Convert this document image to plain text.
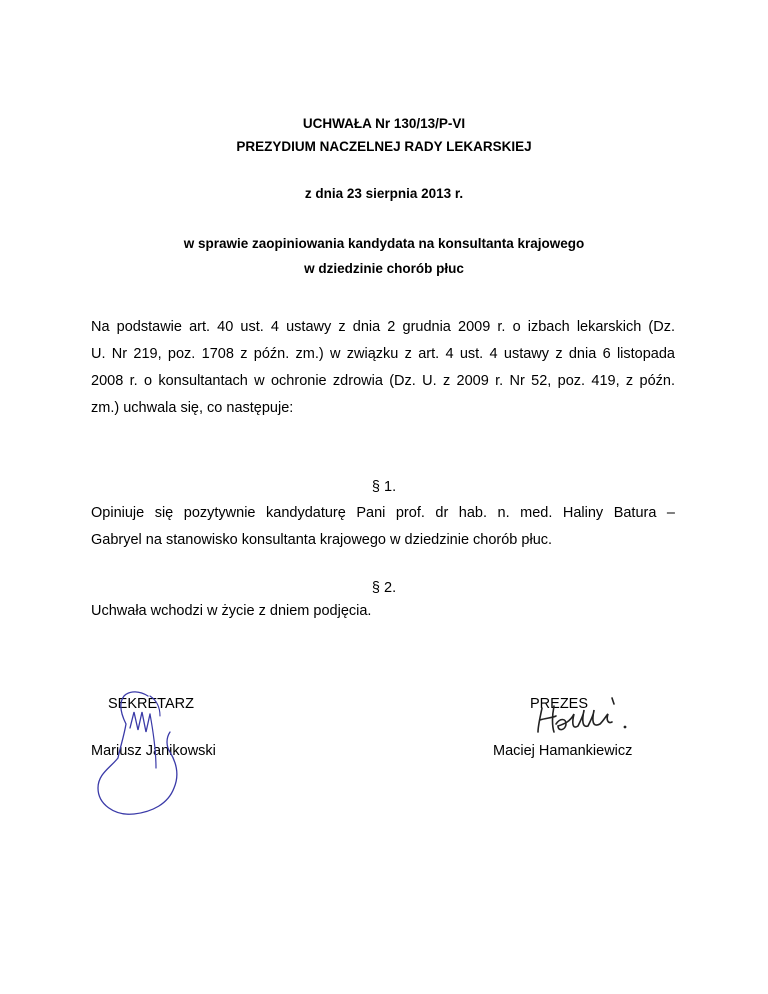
UCHWAŁA Nr 130/13/P-VI
PREZYDIUM NACZELNEJ RADY LEKARSKIEJ
z dnia 23 sierpnia 2013 r.
w sprawie zaopiniowania kandydata na konsultanta krajowego
w dziedzinie chorób płuc
Na podstawie art. 40 ust. 4 ustawy z dnia 2 grudnia 2009 r. o izbach lekarskich (Dz.
U. Nr 219, poz. 1708 z późn. zm.) w związku z art. 4 ust. 4 ustawy z dnia 6 listopada
2008 r. o konsultantach w ochronie zdrowia (Dz. U. z 2009 r. Nr 52, poz. 419, z późn.
zm.) uchwala się, co następuje:
§ 1.
Opiniuje się pozytywnie kandydaturę Pani prof. dr hab. n. med. Haliny Batura –
Gabryel na stanowisko konsultanta krajowego w dziedzinie chorób płuc.
§ 2.
Uchwała wchodzi w życie z dniem podjęcia.
SEKRETARZ
Mariusz Janikowski
PREZES
Maciej Hamankiewicz
